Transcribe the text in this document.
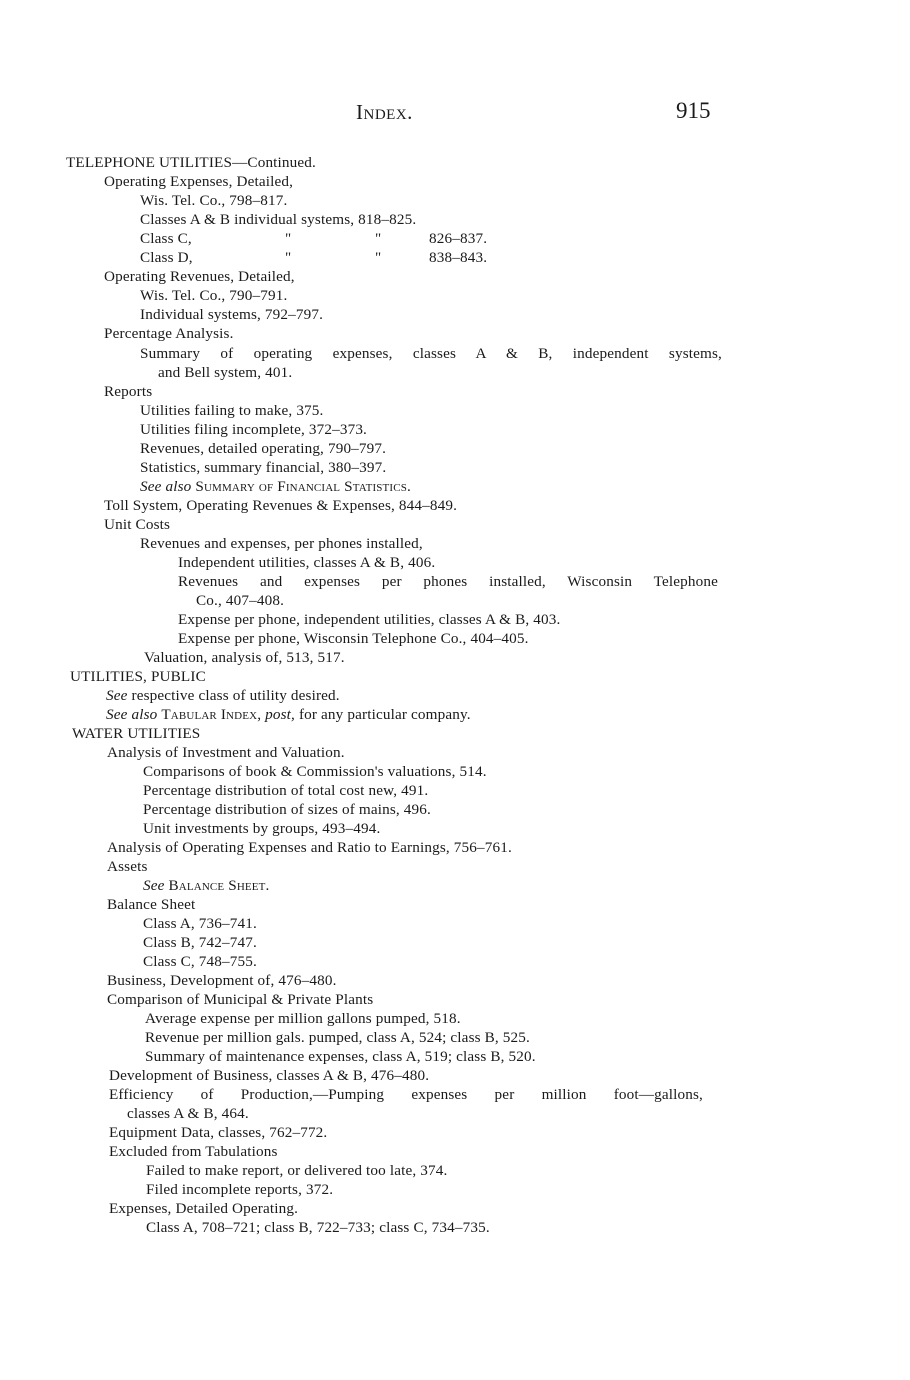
Index.	915
TELEPHONE UTILITIES—Continued.
Operating Expenses, Detailed,
Wis. Tel. Co., 798–817.
Classes A & B individual systems, 818–825.
Class C,	"	"	826–837.
Class D,	"	"	838–843.
Operating Revenues, Detailed,
Wis. Tel. Co., 790–791.
Individual systems, 792–797.
Percentage Analysis.
Summary of operating expenses, classes A & B, independent systems,
and Bell system, 401.
Reports
Utilities failing to make, 375.
Utilities filing incomplete, 372–373.
Revenues, detailed operating, 790–797.
Statistics, summary financial, 380–397.
See also Summary of Financial Statistics.
Toll System, Operating Revenues & Expenses, 844–849.
Unit Costs
Revenues and expenses, per phones installed,
Independent utilities, classes A & B, 406.
Revenues and expenses per phones installed, Wisconsin Telephone
Co., 407–408.
Expense per phone, independent utilities, classes A & B, 403.
Expense per phone, Wisconsin Telephone Co., 404–405.
Valuation, analysis of, 513, 517.
UTILITIES, PUBLIC
See respective class of utility desired.
See also Tabular Index, post, for any particular company.
WATER UTILITIES
Analysis of Investment and Valuation.
Comparisons of book & Commission's valuations, 514.
Percentage distribution of total cost new, 491.
Percentage distribution of sizes of mains, 496.
Unit investments by groups, 493–494.
Analysis of Operating Expenses and Ratio to Earnings, 756–761.
Assets
See Balance Sheet.
Balance Sheet
Class A, 736–741.
Class B, 742–747.
Class C, 748–755.
Business, Development of, 476–480.
Comparison of Municipal & Private Plants
Average expense per million gallons pumped, 518.
Revenue per million gals. pumped, class A, 524; class B, 525.
Summary of maintenance expenses, class A, 519; class B, 520.
Development of Business, classes A & B, 476–480.
Efficiency of Production,—Pumping expenses per million foot—gallons,
classes A & B, 464.
Equipment Data, classes, 762–772.
Excluded from Tabulations
Failed to make report, or delivered too late, 374.
Filed incomplete reports, 372.
Expenses, Detailed Operating.
Class A, 708–721; class B, 722–733; class C, 734–735.
